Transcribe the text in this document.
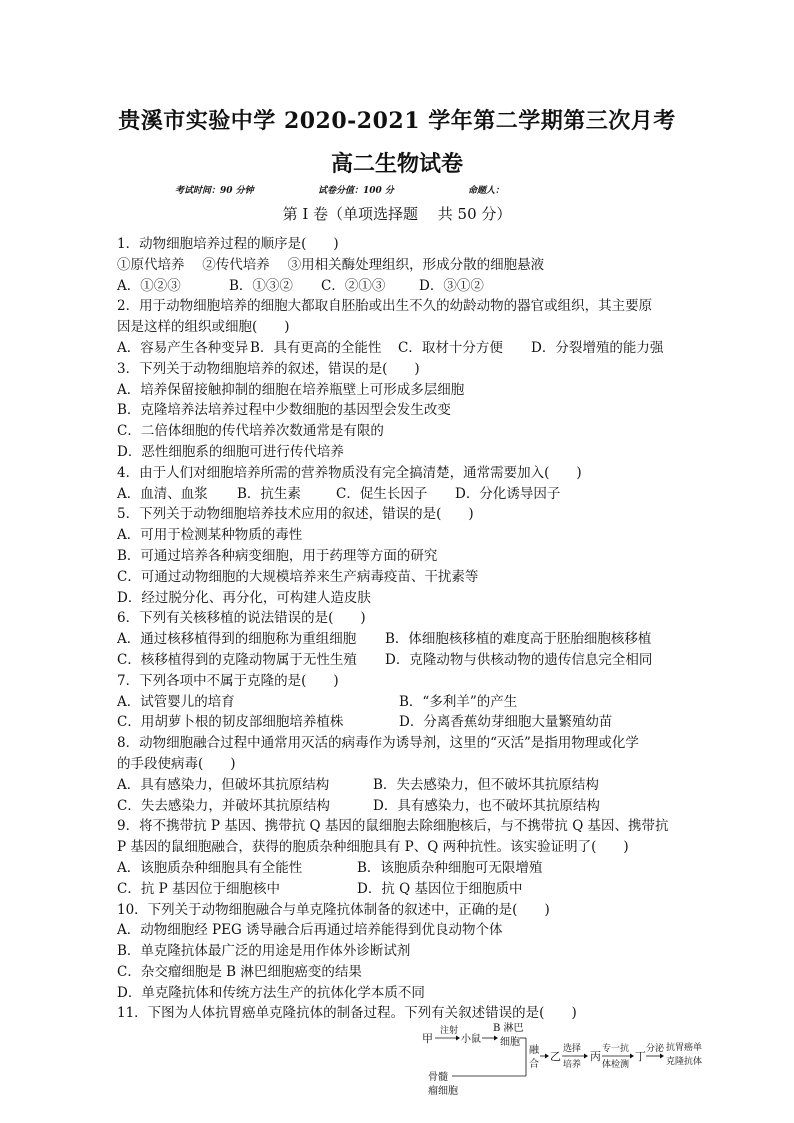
贵溪市实验中学 2020-2021 学年第二学期第三次月考
高二生物试卷
考试时间：90 分钟	试卷分值：100 分	命题人：
第 I 卷（单项选择题　 共 50 分）
1．动物细胞培养过程的顺序是(　　)
①原代培养　 ②传代培养　 ③用相关酶处理组织，形成分散的细胞悬液
A．①②③	B．①③② C．②①③ D．③①②
2．用于动物细胞培养的细胞大都取自胚胎或出生不久的幼龄动物的器官或组织，其主要原
因是这样的组织或细胞(　　)
A．容易产生各种变异 B．具有更高的全能性 C．取材十分方便 D．分裂增殖的能力强
3．下列关于动物细胞培养的叙述，错误的是(　　)
A．培养保留接触抑制的细胞在培养瓶壁上可形成多层细胞
B．克隆培养法培养过程中少数细胞的基因型会发生改变
C．二倍体细胞的传代培养次数通常是有限的
D．恶性细胞系的细胞可进行传代培养
4．由于人们对细胞培养所需的营养物质没有完全搞清楚，通常需要加入(　　)
A．血清、血浆 B．抗生素	C．促生长因子 D．分化诱导因子
5．下列关于动物细胞培养技术应用的叙述，错误的是(　　)
A．可用于检测某种物质的毒性
B．可通过培养各种病变细胞，用于药理等方面的研究
C．可通过动物细胞的大规模培养来生产病毒疫苗、干扰素等
D．经过脱分化、再分化，可构建人造皮肤
6．下列有关核移植的说法错误的是(　　)
A．通过核移植得到的细胞称为重组细胞 B．体细胞核移植的难度高于胚胎细胞核移植
C．核移植得到的克隆动物属于无性生殖 D．克隆动物与供核动物的遗传信息完全相同
7．下列各项中不属于克隆的是(　　)
A．试管婴儿的培育	B．“多利羊”的产生
C．用胡萝卜根的韧皮部细胞培养植株	D．分离香蕉幼芽细胞大量繁殖幼苗
8．动物细胞融合过程中通常用灭活的病毒作为诱导剂，这里的“灭活”是指用物理或化学
的手段使病毒(　　)
A．具有感染力，但破坏其抗原结构	B．失去感染力，但不破坏其抗原结构
C．失去感染力，并破坏其抗原结构	D．具有感染力，也不破坏其抗原结构
9．将不携带抗 P 基因、携带抗 Q 基因的鼠细胞去除细胞核后，与不携带抗 Q 基因、携带抗
P 基因的鼠细胞融合，获得的胞质杂种细胞具有 P、Q 两种抗性。该实验证明了(　　)
A．该胞质杂种细胞具有全能性	B．该胞质杂种细胞可无限增殖
C．抗 P 基因位于细胞核中	D．抗 Q 基因位于细胞质中
10．下列关于动物细胞融合与单克隆抗体制备的叙述中，正确的是(　　)
A．动物细胞经 PEG 诱导融合后再通过培养能得到优良动物个体
B．单克隆抗体最广泛的用途是用作体外诊断试剂
C．杂交瘤细胞是 B 淋巴细胞癌变的结果
D．单克隆抗体和传统方法生产的抗体化学本质不同
11．下图为人体抗胃癌单克隆抗体的制备过程。下列有关叙述错误的是(　　)
甲
注射
小鼠
B 淋巴
细胞
骨髓
瘤细胞
融
合
乙
选择
培养
丙
专一抗
体检测
丁
分泌 抗胃癌单
克隆抗体
